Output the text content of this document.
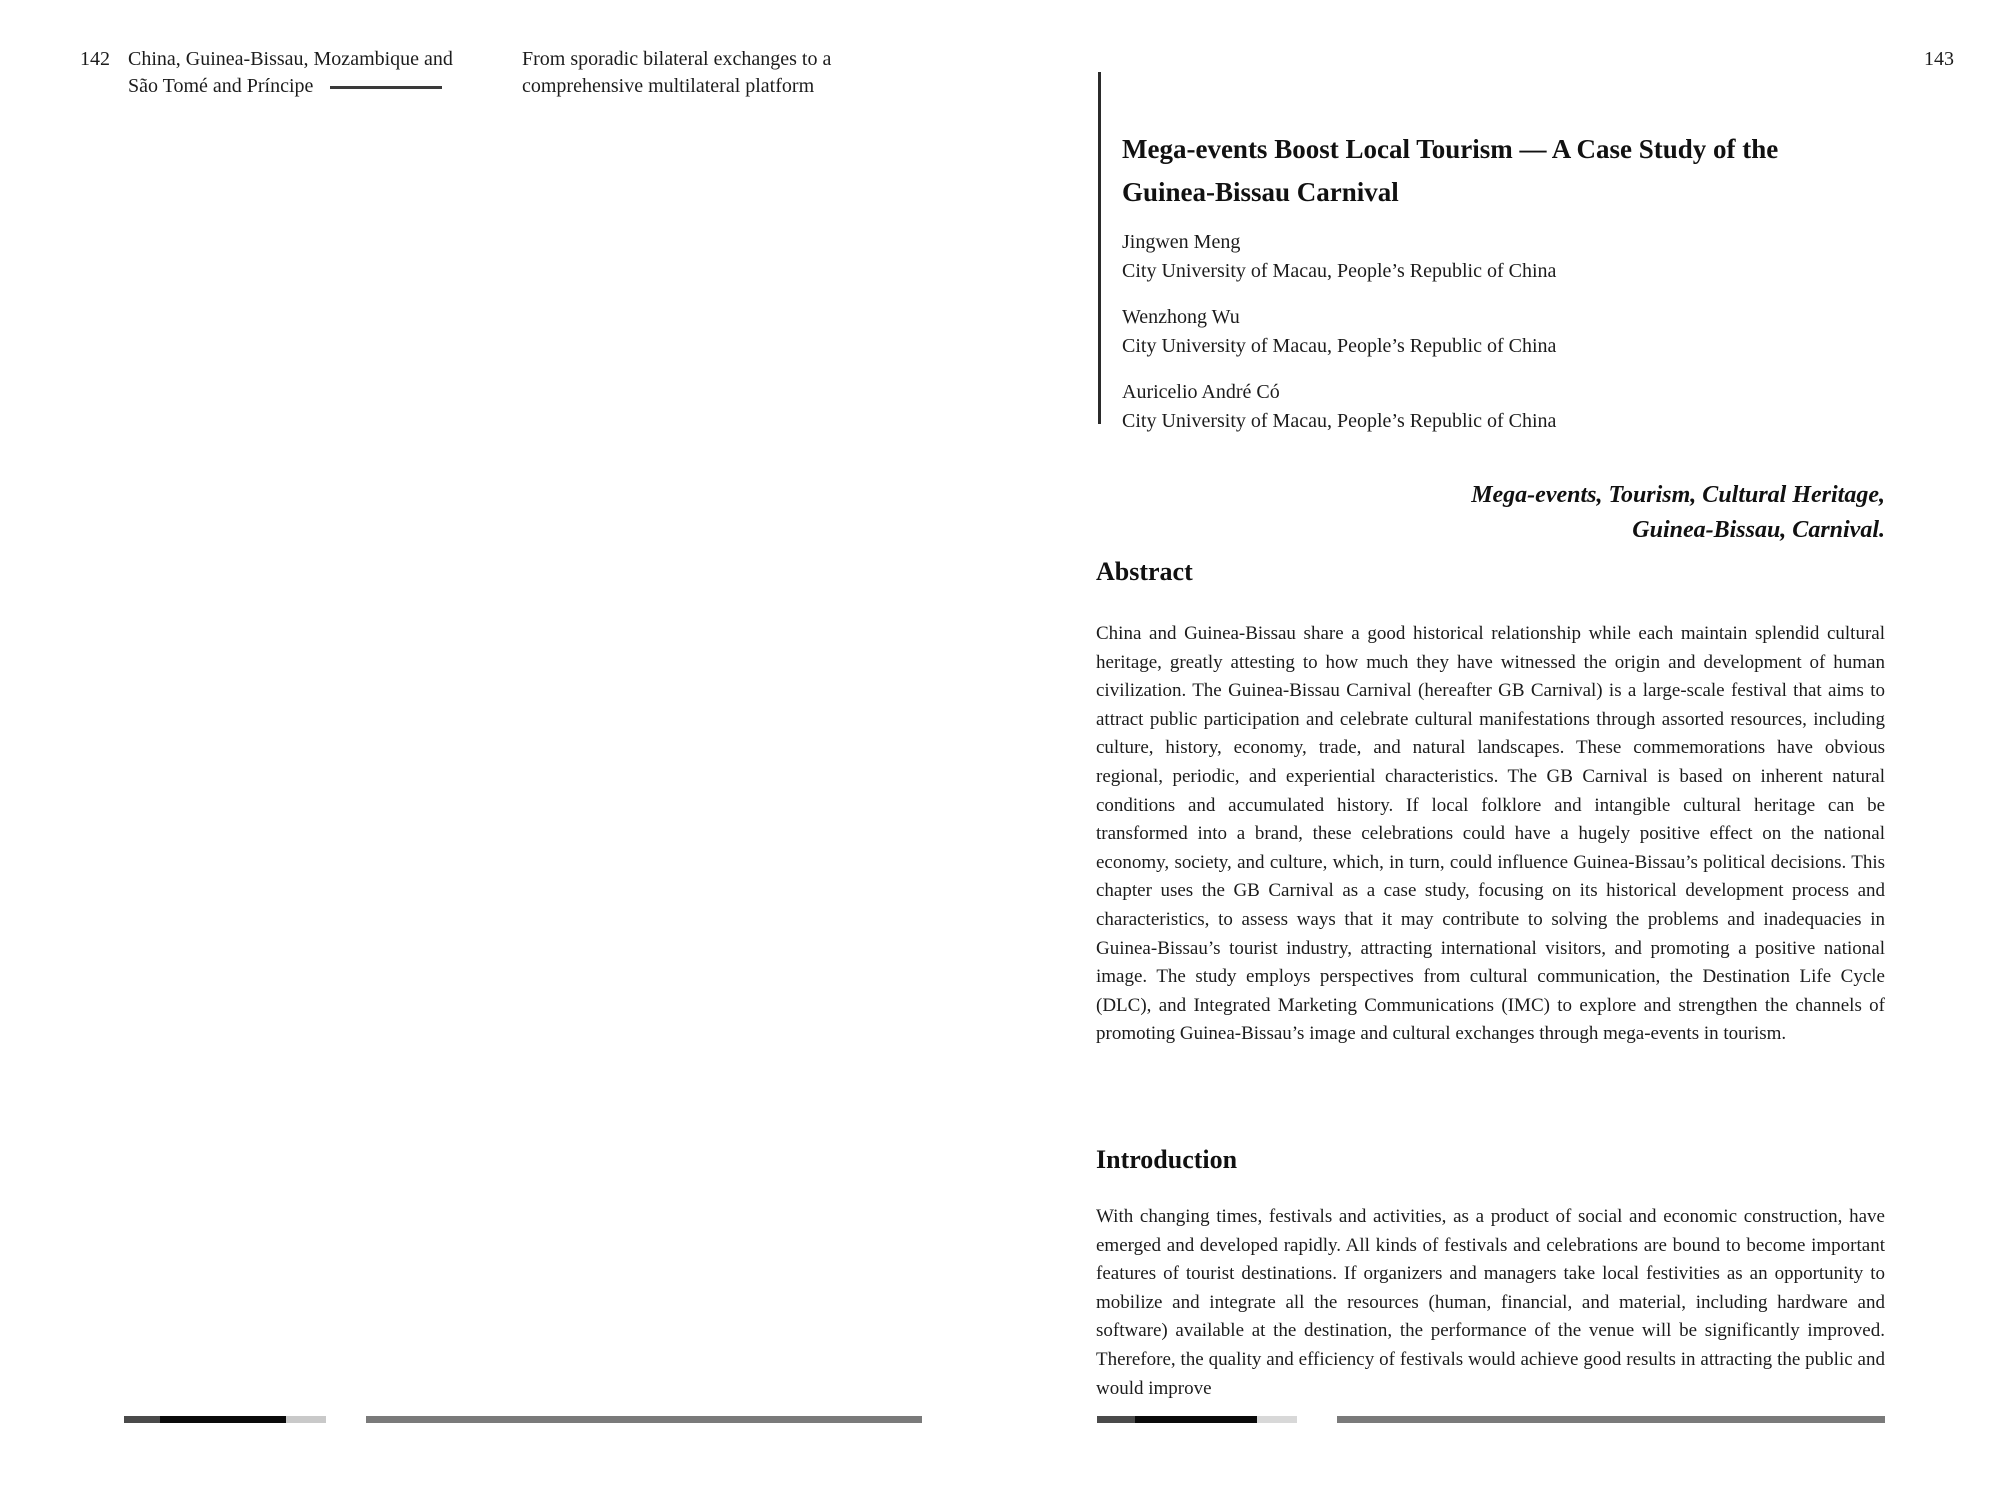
142 China, Guinea-Bissau, Mozambique and
São Tomé and Príncipe
From sporadic bilateral exchanges to a
comprehensive multilateral platform
143
Mega-events Boost Local Tourism — A Case Study of the
Guinea-Bissau Carnival
Jingwen Meng
City University of Macau, People’s Republic of China
Wenzhong Wu
City University of Macau, People’s Republic of China
Auricelio André Có
City University of Macau, People’s Republic of China
Mega-events, Tourism, Cultural Heritage,
Guinea-Bissau, Carnival.
Abstract

China and Guinea-Bissau share a good historical relationship while each maintain splendid cultural heritage, greatly attesting to how much they have witnessed the origin and development of human civilization. The Guinea-Bissau Carnival (hereafter GB Carnival) is a large-scale festival that aims to attract public participation and celebrate cultural manifestations through assorted resources, including culture, history, economy, trade, and natural landscapes. These commemorations have obvious regional, periodic, and experiential characteristics. The GB Carnival is based on inherent natural conditions and accumulated history. If local folklore and intangible cultural heritage can be transformed into a brand, these celebrations could have a hugely positive effect on the national economy, society, and culture, which, in turn, could influence Guinea-Bissau’s political decisions. This chapter uses the GB Carnival as a case study, focusing on its historical development process and characteristics, to assess ways that it may contribute to solving the problems and inadequacies in Guinea-Bissau’s tourist industry, attracting international visitors, and promoting a positive national image. The study employs perspectives from cultural communication, the Destination Life Cycle (DLC), and Integrated Marketing Communications (IMC) to explore and strengthen the channels of promoting Guinea-Bissau’s image and cultural exchanges through mega-events in tourism.

Introduction

With changing times, festivals and activities, as a product of social and economic construction, have emerged and developed rapidly. All kinds of festivals and celebrations are bound to become important features of tourist destinations. If organizers and managers take local festivities as an opportunity to mobilize and integrate all the resources (human, financial, and material, including hardware and software) available at the destination, the performance of the venue will be significantly improved. Therefore, the quality and efficiency of festivals would achieve good results in attracting the public and would improve
